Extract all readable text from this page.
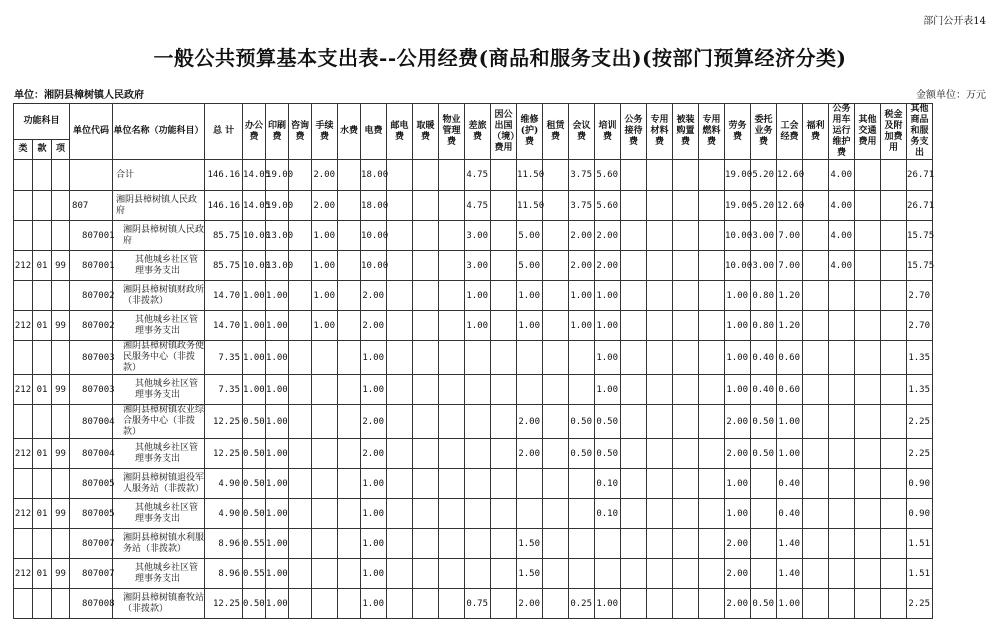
部门公开表14
一般公共预算基本支出表--公用经费(商品和服务支出)(按部门预算经济分类)
单位：湘阴县樟树镇人民政府	金额单位：万元
功能科目			单位代码	单位名称（功能科目）	总 计	办公费	印刷费	咨询费	手续费	水费	电费	邮电费	取暖费	物业管理费	差旅费	因公出国（境）费用	维修(护)费	租赁费	会议费	培训费	公务接待费	专用材料费	被装购置费	专用燃料费	劳务费	委托业务费	工会经费	福利费	公务用车运行维护费	其他交通费用	税金及附加费用	其他商品和服务支出
类	款	项																														
				合计	146.16	14.05	19.00		2.00		18.00				4.75		11.50		3.75	5.60					19.00	5.20	12.60		4.00			26.71
			807	湘阴县樟树镇人民政府	146.16	14.05	19.00		2.00		18.00				4.75		11.50		3.75	5.60					19.00	5.20	12.60		4.00			26.71
			807001	湘阴县樟树镇人民政府	85.75	10.00	13.00		1.00		10.00				3.00		5.00		2.00	2.00					10.00	3.00	7.00		4.00			15.75
212	01	99	807001	其他城乡社区管理事务支出	85.75	10.00	13.00		1.00		10.00				3.00		5.00		2.00	2.00					10.00	3.00	7.00		4.00			15.75
			807002	湘阴县樟树镇财政所（非拨款）	14.70	1.00	1.00		1.00		2.00				1.00		1.00		1.00	1.00					1.00	0.80	1.20					2.70
212	01	99	807002	其他城乡社区管理事务支出	14.70	1.00	1.00		1.00		2.00				1.00		1.00		1.00	1.00					1.00	0.80	1.20					2.70
			807003	湘阴县樟树镇政务便民服务中心（非拨款）	7.35	1.00	1.00				1.00									1.00					1.00	0.40	0.60					1.35
212	01	99	807003	其他城乡社区管理事务支出	7.35	1.00	1.00				1.00									1.00					1.00	0.40	0.60					1.35
			807004	湘阴县樟树镇农业综合服务中心（非拨款）	12.25	0.50	1.00				2.00						2.00		0.50	0.50					2.00	0.50	1.00					2.25
212	01	99	807004	其他城乡社区管理事务支出	12.25	0.50	1.00				2.00						2.00		0.50	0.50					2.00	0.50	1.00					2.25
			807005	湘阴县樟树镇退役军人服务站（非拨款）	4.90	0.50	1.00				1.00									0.10					1.00		0.40					0.90
212	01	99	807005	其他城乡社区管理事务支出	4.90	0.50	1.00				1.00									0.10					1.00		0.40					0.90
			807007	湘阴县樟树镇水利服务站（非拨款）	8.96	0.55	1.00				1.00						1.50								2.00		1.40					1.51
212	01	99	807007	其他城乡社区管理事务支出	8.96	0.55	1.00				1.00						1.50								2.00		1.40					1.51
			807008	湘阴县樟树镇畜牧站（非拨款）	12.25	0.50	1.00				1.00				0.75		2.00		0.25	1.00					2.00	0.50	1.00					2.25
